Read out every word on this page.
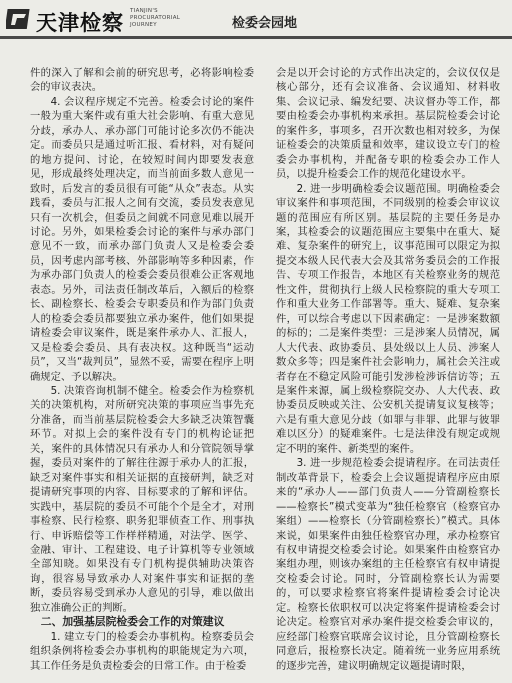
天津检察 TIANJIN'S PROCURATORIAL JOURNEY	检委会园地

件的深入了解和会前的研究思考，必将影响检委会的审议表决。

4. 会议程序规定不完善。检委会讨论的案件一般为重大案件或有重大社会影响、有重大意见分歧，承办人、承办部门可能讨论多次仍不能决定。而委员只是通过听汇报、看材料，对有疑问的地方提问、讨论，在较短时间内即要发表意见，形成最终处理决定，而当前面多数人意见一致时，后发言的委员很有可能“从众”表态。从实践看，委员与汇报人之间有交流，委员发表意见只有一次机会，但委员之间就不同意见难以展开讨论。另外，如果检委会讨论的案件与承办部门意见不一致，而承办部门负责人又是检委会委员，因考虑内部考核、外部影响等多种因素，作为承办部门负责人的检委会委员很难公正客观地表态。另外，司法责任制改革后，入额后的检察长、副检察长、检委会专职委员和作为部门负责人的检委会委员都要独立承办案件，他们如果提请检委会审议案件，既是案件承办人、汇报人，又是检委会委员、具有表决权。这种既当“运动员”，又当“裁判员”，显然不妥，需要在程序上明确规定、予以解决。

5. 决策咨询机制不健全。检委会作为检察机关的决策机构，对所研究决策的事项应当事先充分准备，而当前基层院检委会大多缺乏决策智囊环节。对拟上会的案件没有专门的机构论证把关，案件的具体情况只有承办人和分管院领导掌握，委员对案件的了解往往源于承办人的汇报，缺乏对案件事实和相关证据的直接研判，缺乏对提请研究事项的内容、目标要求的了解和评估。实践中，基层院的委员不可能个个是全才，对刑事检察、民行检察、职务犯罪侦查工作、刑事执行、申诉赔偿等工作样样精通，对法学、医学、金融、审计、工程建设、电子计算机等专业领域全部知晓。如果没有专门机构提供辅助决策咨询，很容易导致承办人对案件事实和证据的垄断，委员容易受到承办人意见的引导，难以做出独立准确公正的判断。

二、加强基层院检委会工作的对策建议

1. 建立专门的检委会办事机构。检察委员会组织条例将检委会办事机构的职能规定为六项，其工作任务是负责检委会的日常工作。由于检委

会是以开会讨论的方式作出决定的，会议仅仅是核心部分，还有会议准备、会议通知、材料收集、会议记录、编发纪要、决议督办等工作，都要由检委会办事机构来承担。基层院检委会讨论的案件多，事项多，召开次数也相对较多，为保证检委会的决策质量和效率，建议设立专门的检委会办事机构，并配备专职的检委会办工作人员，以提升检委会工作的规范化建设水平。

2. 进一步明确检委会议题范围。明确检委会审议案件和事项范围，不同级别的检委会审议议题的范围应有所区别。基层院的主要任务是办案，其检委会的议题范围应主要集中在重大、疑难、复杂案件的研究上，议事范围可以限定为拟提交本级人民代表大会及其常务委员会的工作报告、专项工作报告，本地区有关检察业务的规范性文件，贯彻执行上级人民检察院的重大专项工作和重大业务工作部署等。重大、疑难、复杂案件，可以综合考虑以下因素确定：一是涉案数额的标的；二是案件类型：三是涉案人员情况，属人大代表、政协委员、县处级以上人员、涉案人数众多等；四是案件社会影响力，属社会关注或者存在不稳定风险可能引发涉检涉诉信访等；五是案件来源，属上级检察院交办、人大代表、政协委员反映或关注、公安机关提请复议复核等；六是有重大意见分歧（如罪与非罪、此罪与彼罪难以区分）的疑难案件。七是法律没有规定或规定不明的案件、新类型的案件。

3. 进一步规范检委会提请程序。在司法责任制改革背景下，检委会上会议题提请程序应由原来的“承办人——部门负责人——分管副检察长——检察长”模式变革为“独任检察官（检察官办案组）——检察长（分管副检察长）”模式。具体来说，如果案件由独任检察官办理，承办检察官有权申请提交检委会讨论。如果案件由检察官办案组办理，则该办案组的主任检察官有权申请提交检委会讨论。同时，分管副检察长认为需要的，可以要求检察官将案件提请检委会讨论决定。检察长依职权可以决定将案件提请检委会讨论决定。检察官对承办案件提交检委会审议的，应经部门检察官联席会议讨论，且分管副检察长同意后，报检察长决定。随着统一业务应用系统的逐步完善，建议明确规定议题提请时限，
